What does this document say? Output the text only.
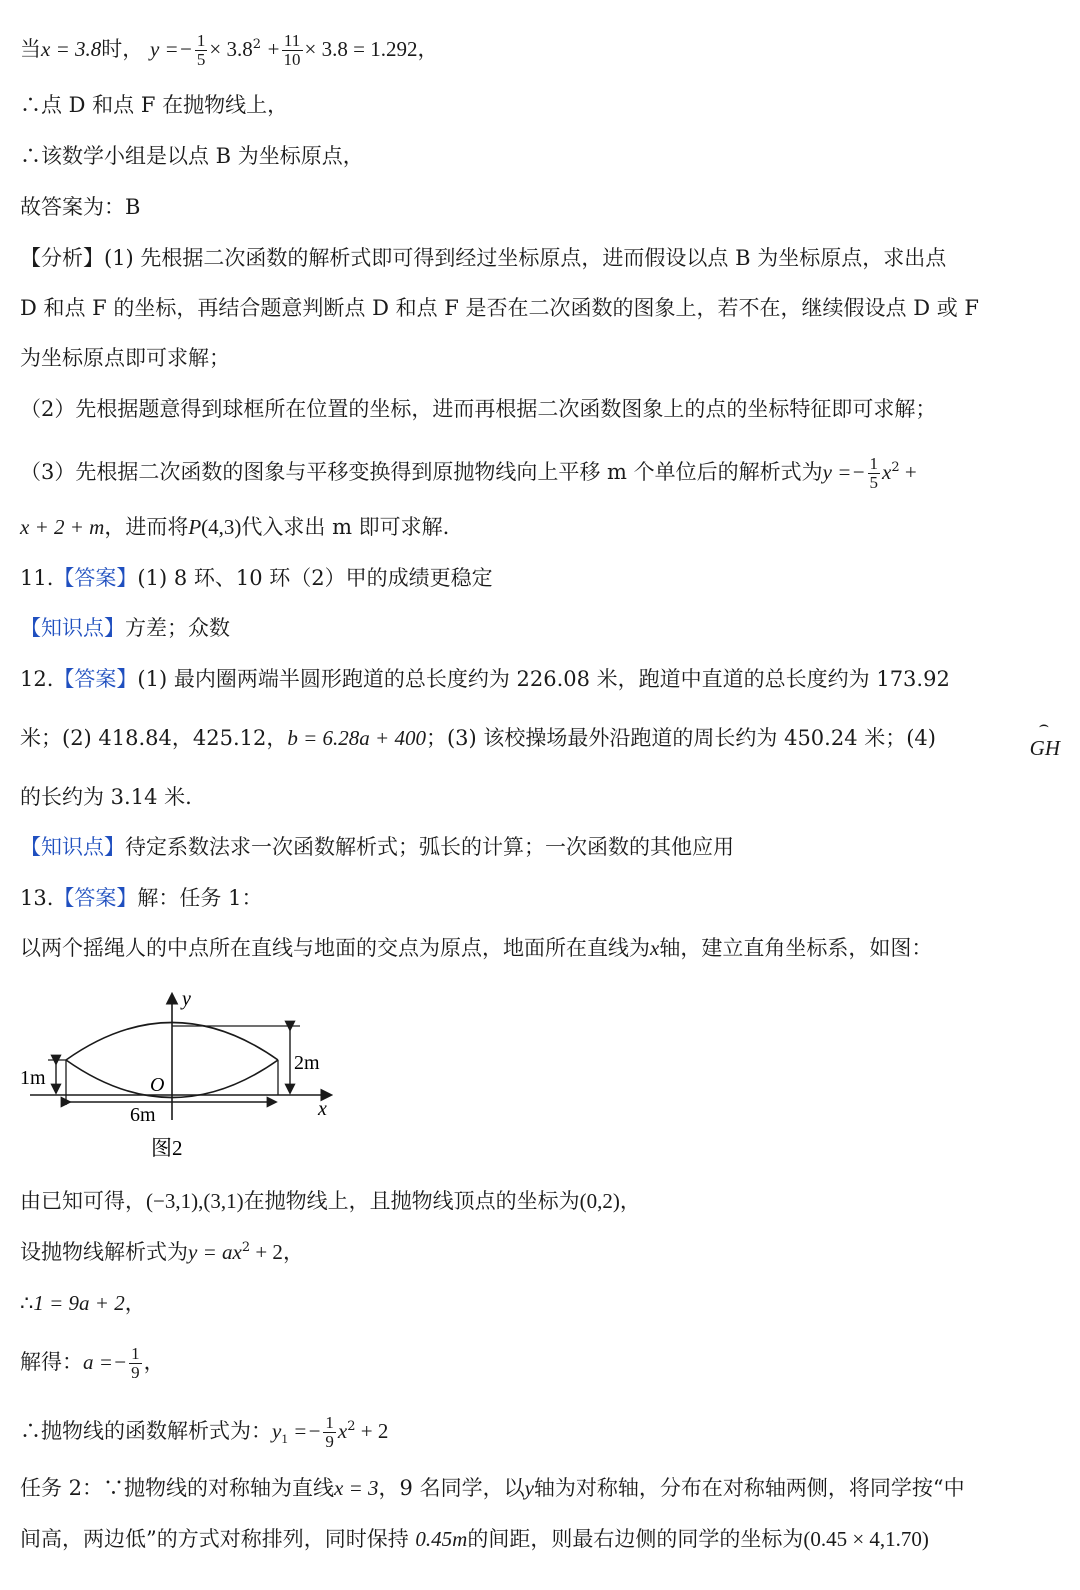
当x = 3.8时， $y =- \frac{1}{5} \times 3.8^2 + \frac{11}{10} \times 3.8 = 1.292$，
∴点 D 和点 F 在抛物线上，
∴该数学小组是以点 B 为坐标原点，
故答案为：B
【分析】(1) 先根据二次函数的解析式即可得到经过坐标原点，进而假设以点 B 为坐标原点，求出点
D 和点 F 的坐标，再结合题意判断点 D 和点 F 是否在二次函数的图象上，若不在，继续假设点 D 或 F
为坐标原点即可求解；
（2）先根据题意得到球框所在位置的坐标，进而再根据二次函数图象上的点的坐标特征即可求解；
（3）先根据二次函数的图象与平移变换得到原抛物线向上平移 m 个单位后的解析式为$y =- \frac{1}{5} x^2$ +
x + 2 + m，进而将P(4,3)代入求出 m 即可求解.
11.【答案】(1) 8 环、10 环（2）甲的成绩更稳定
【知识点】方差；众数
12.【答案】(1) 最内圈两端半圆形跑道的总长度约为 226.08 米，跑道中直道的总长度约为 173.92
米；(2) 418.84，425.12，b = 6.28a + 400；(3) 该校操场最外沿跑道的周长约为 450.24 米；(4)
⌢	GH
的长约为 3.14 米.
【知识点】待定系数法求一次函数解析式；弧长的计算；一次函数的其他应用
13.【答案】解：任务 1：
以两个摇绳人的中点所在直线与地面的交点为原点，地面所在直线为x轴，建立直角坐标系，如图：
y
x
O
2m
1m
6m
图2
由已知可得，(−3,1),(3,1)在抛物线上，且抛物线顶点的坐标为(0,2)，
设抛物线解析式为$y = ax^2 + 2$，
∴1 = 9a + 2，
解得：$a =- \frac{1}{9}$ ，
∴抛物线的函数解析式为：$y_1 =- \frac{1}{9} x^2 + 2$
任务 2：∵抛物线的对称轴为直线x = 3，9 名同学，以y轴为对称轴，分布在对称轴两侧，将同学按“中
间高，两边低”的方式对称排列，同时保持 0.45m的间距，则最右边侧的同学的坐标为(0.45 × 4,1.70)
